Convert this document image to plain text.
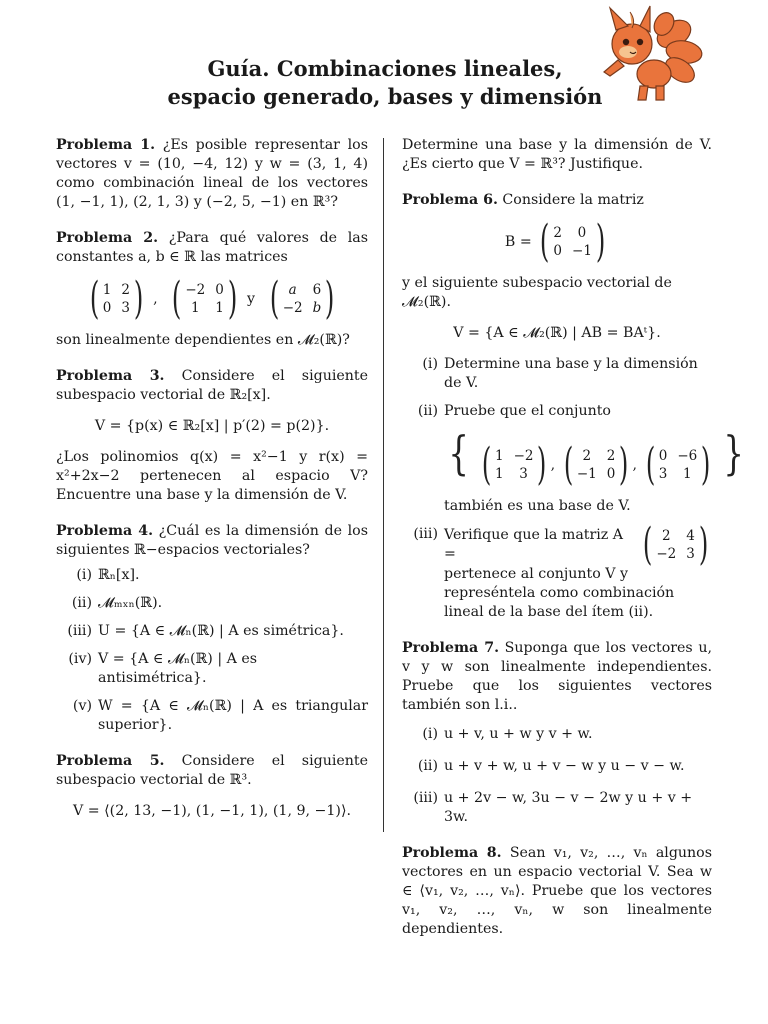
Guía. Combinaciones lineales,
espacio generado, bases y dimensión

Problema 1. ¿Es posible representar los vectores v = (10, −4, 12) y w = (3, 1, 4) como combinación lineal de los vectores (1, −1, 1), (2, 1, 3) y (−2, 5, −1) en ℝ³?

Problema 2. ¿Para qué valores de las constantes a, b ∈ ℝ las matrices

( 1 2
0 3 ) , ( −2 0
1	1 ) y ( a	6
−2 b )

son linealmente dependientes en 𝓜₂(ℝ)?

Problema 3. Considere el siguiente subespacio vectorial de ℝ₂[x].

V = {p(x) ∈ ℝ₂[x] | p′(2) = p(2)}.

¿Los polinomios q(x) = x²−1 y r(x) = x²+2x−2 pertenecen al espacio V? Encuentre una base y la dimensión de V.

Problema 4. ¿Cuál es la dimensión de los siguientes ℝ−espacios vectoriales?

(i) ℝₙ[x].
(ii) 𝓜ₘₓₙ(ℝ).
(iii) U = {A ∈ 𝓜ₙ(ℝ) | A es simétrica}.
(iv) V = {A ∈ 𝓜ₙ(ℝ) | A es antisimétrica}.
(v) W = {A ∈ 𝓜ₙ(ℝ) | A es triangular superior}.

Problema 5. Considere el siguiente subespacio vectorial de ℝ³.

V = ⟨(2, 13, −1), (1, −1, 1), (1, 9, −1)⟩.

Determine una base y la dimensión de V. ¿Es cierto que V = ℝ³? Justifique.

Problema 6. Considere la matriz

B = ( 2	0
0 −1 )

y el siguiente subespacio vectorial de 𝓜₂(ℝ).

V = {A ∈ 𝓜₂(ℝ) | AB = BAᵗ}.
(i) Determine una base y la dimensión de V.
(ii) Pruebe que el conjunto
{ ( 1 −2
1	3 ) , ( 2	2
−1 0 ) , ( 0 −6
3	1 ) }
también es una base de V.
(iii) Verifique que la matriz A =	( 2	4
−2 3 )
pertenece al conjunto V y represéntela como combinación lineal de la base del ítem (ii).

Problema 7. Suponga que los vectores u, v y w son linealmente independientes. Pruebe que los siguientes vectores también son l.i..

(i) u + v, u + w y v + w.
(ii) u + v + w, u + v − w y u − v − w.
(iii) u + 2v − w, 3u − v − 2w y u + v + 3w.

Problema 8. Sean v₁, v₂, …, vₙ algunos vectores en un espacio vectorial V. Sea w ∈ ⟨v₁, v₂, …, vₙ⟩. Pruebe que los vectores v₁, v₂, …, vₙ, w son linealmente dependientes.
